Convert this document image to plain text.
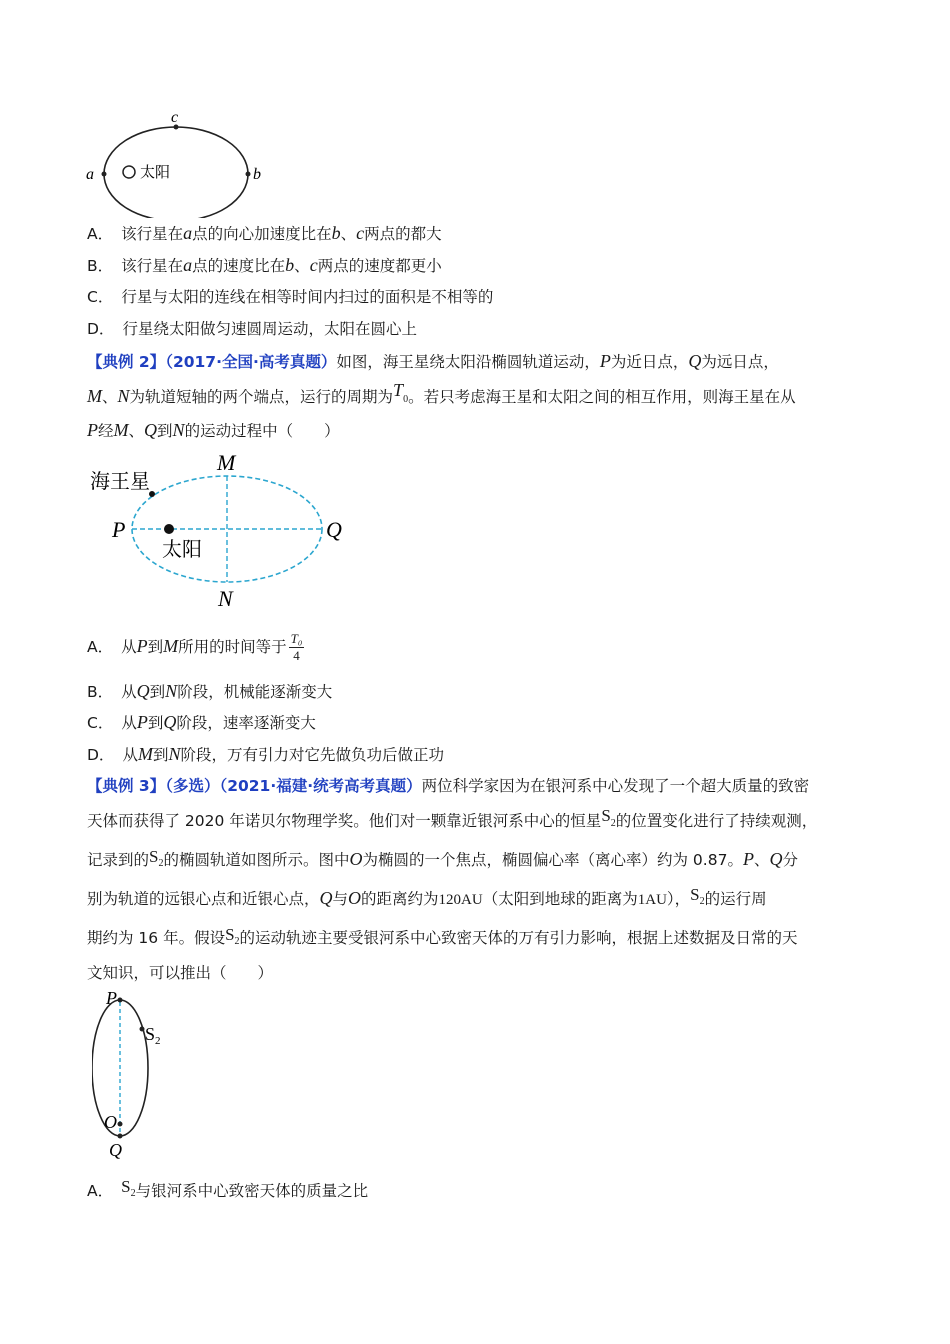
c
a	b
太阳
A． 该行星在a点的向心加速度比在b、c两点的都大
B． 该行星在a点的速度比在b、c两点的速度都更小
C． 行星与太阳的连线在相等时间内扫过的面积是不相等的
D． 行星绕太阳做匀速圆周运动，太阳在圆心上
【典例 2】（2017·全国·高考真题）如图，海王星绕太阳沿椭圆轨道运动，P为近日点，Q为远日点，
M、N为轨道短轴的两个端点，运行的周期为$T_0$。若只考虑海王星和太阳之间的相互作用，则海王星在从
P经M、Q到N的运动过程中（　　）
海王星
太阳
M
N
P	Q
A． 从P到M所用的时间等于 $\frac{\text{T₀}}{4}$
B． 从Q到N阶段，机械能逐渐变大
C． 从P到Q阶段，速率逐渐变大
D． 从M到N阶段，万有引力对它先做负功后做正功
【典例 3】（多选）（2021·福建·统考高考真题）两位科学家因为在银河系中心发现了一个超大质量的致密
天体而获得了 2020 年诺贝尔物理学奖。他们对一颗靠近银河系中心的恒星$S_2$的位置变化进行了持续观测，
记录到的$S_2$的椭圆轨道如图所示。图中O为椭圆的一个焦点，椭圆偏心率（离心率）约为 0.87。P、Q分
别为轨道的远银心点和近银心点，Q与O的距离约为120AU（太阳到地球的距离为1AU），$S_2$的运行周
期约为 16 年。假设$S_2$的运动轨迹主要受银河系中心致密天体的万有引力影响，根据上述数据及日常的天
文知识，可以推出（　　）
P
$S_2$
O
Q
A． $S_2$与银河系中心致密天体的质量之比
